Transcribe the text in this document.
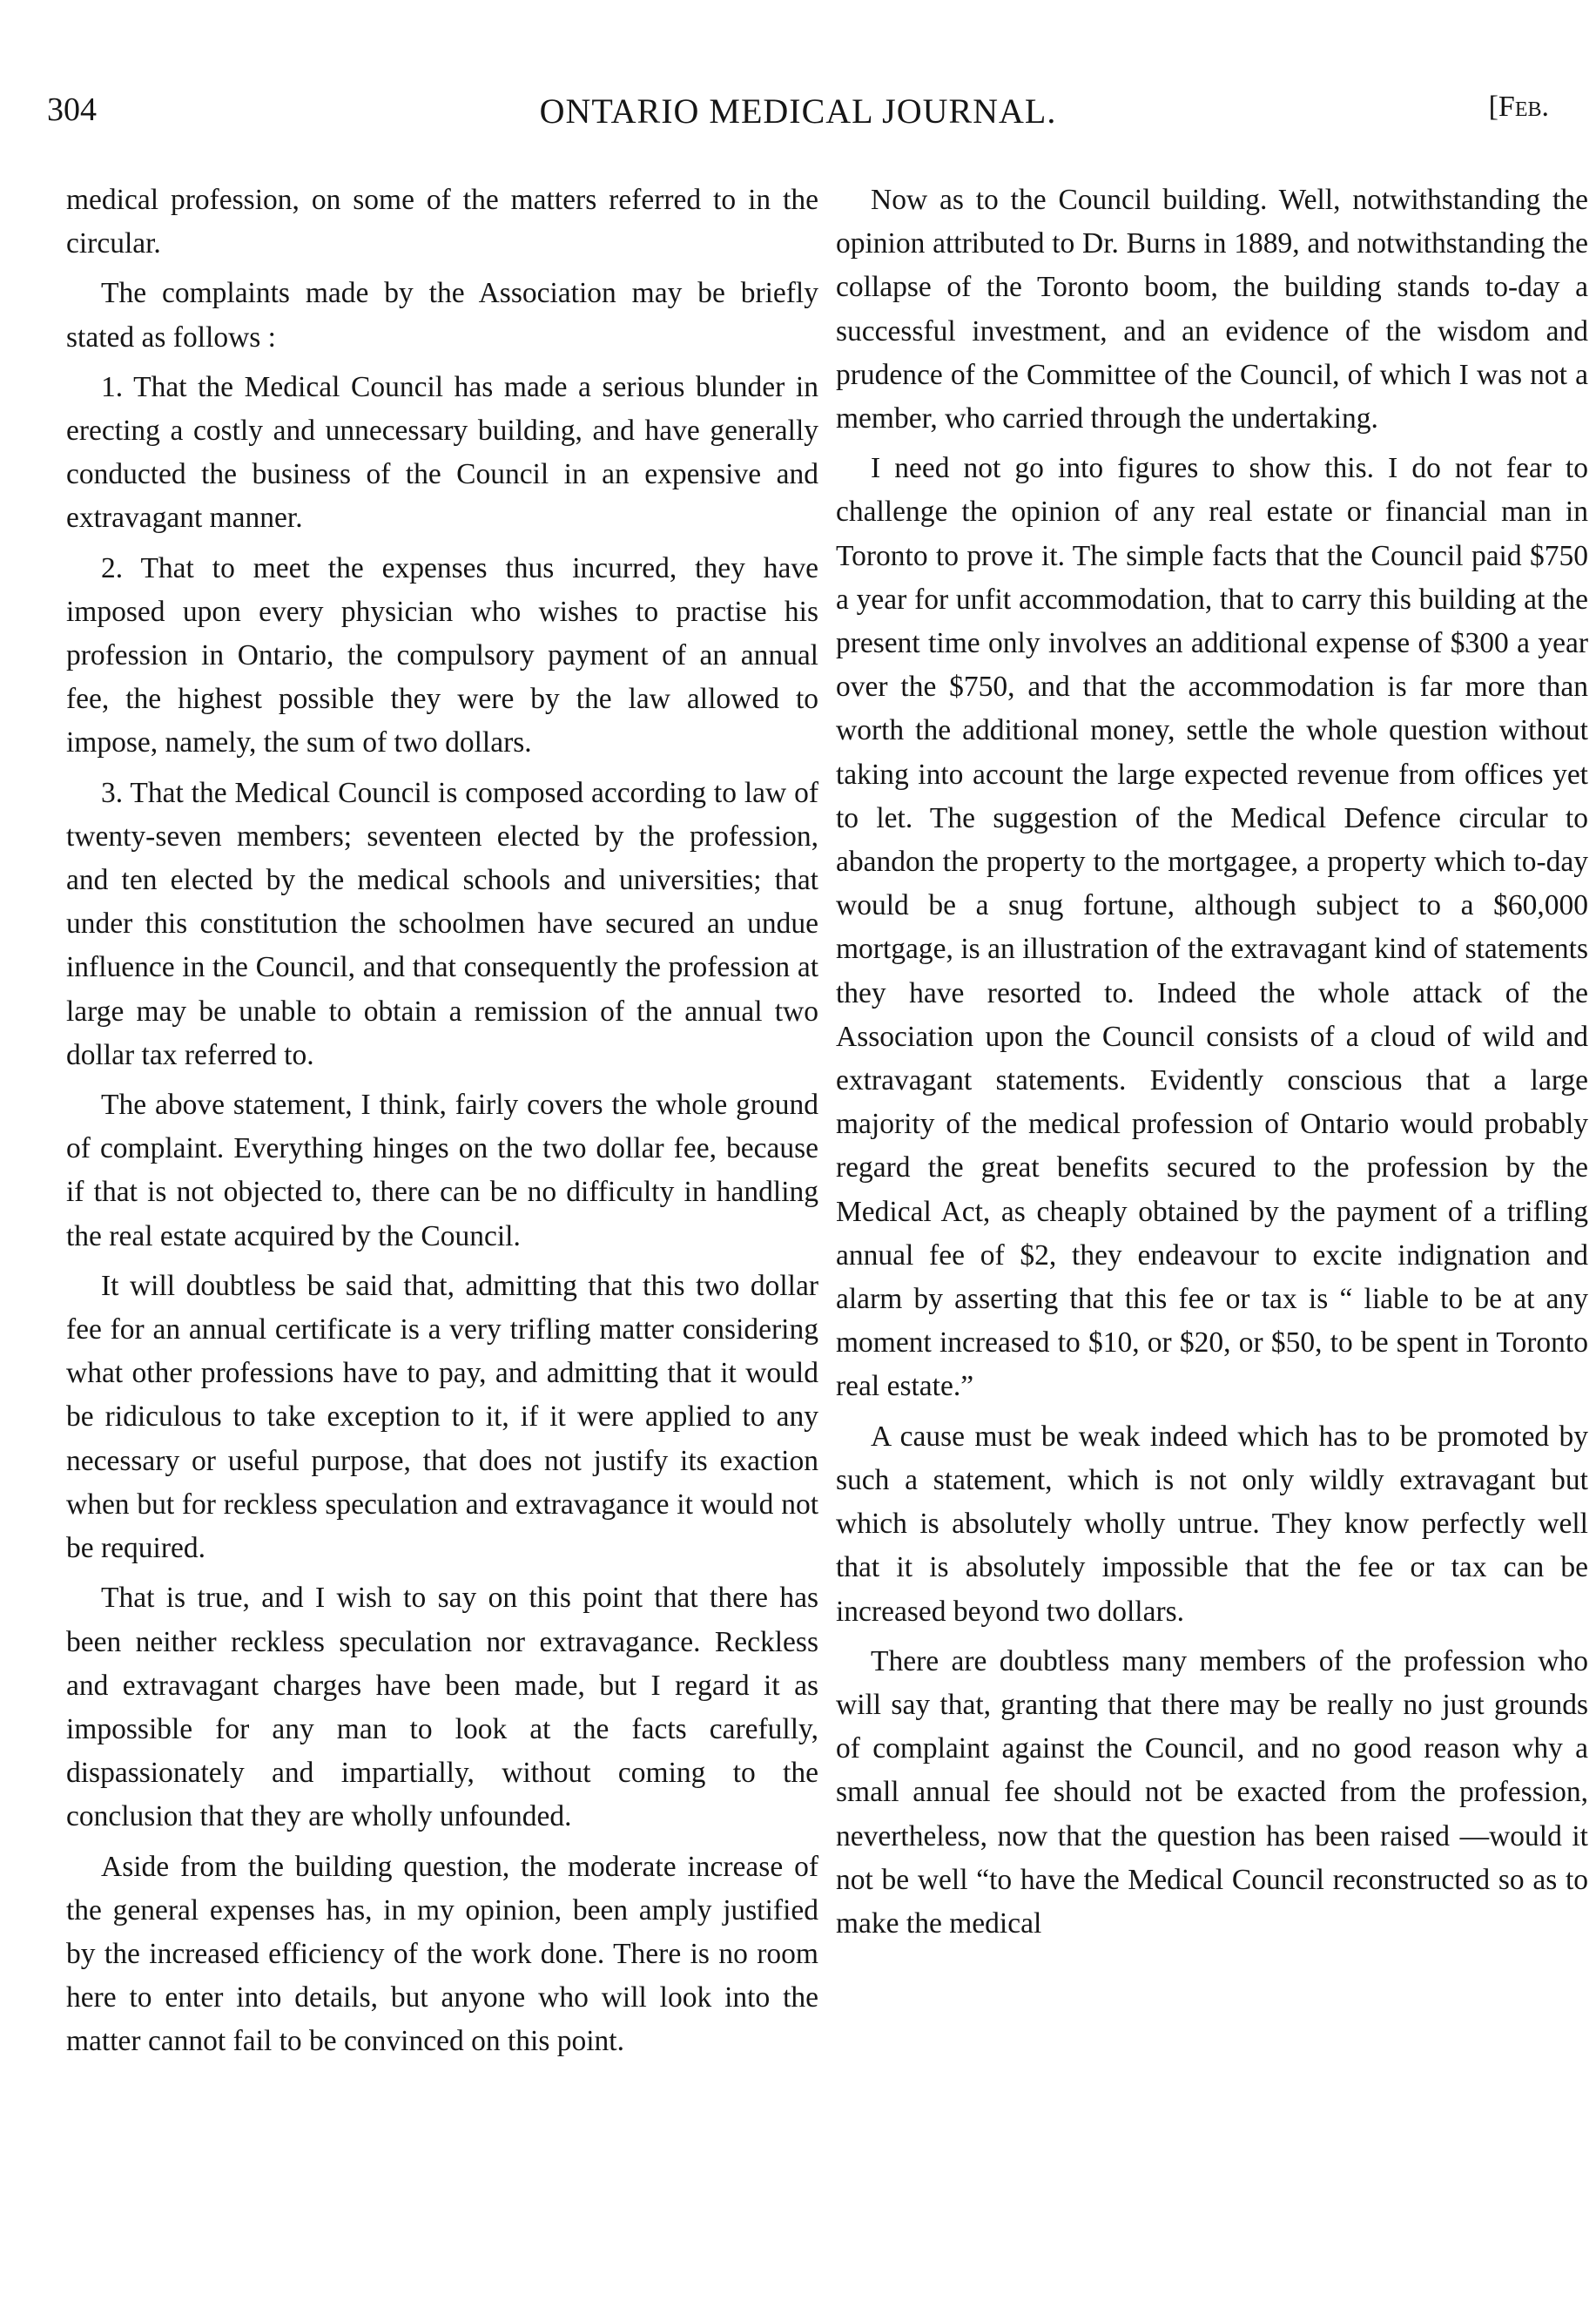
304	ONTARIO MEDICAL JOURNAL.	[Feb.

medical profession, on some of the matters referred to in the circular.

The complaints made by the Association may be briefly stated as follows :

1. That the Medical Council has made a serious blunder in erecting a costly and unnecessary building, and have generally conducted the business of the Council in an expensive and extravagant manner.

2. That to meet the expenses thus incurred, they have imposed upon every physician who wishes to practise his profession in Ontario, the compulsory payment of an annual fee, the highest possible they were by the law allowed to impose, namely, the sum of two dollars.

3. That the Medical Council is composed according to law of twenty-seven members; seventeen elected by the profession, and ten elected by the medical schools and universities; that under this constitution the schoolmen have secured an undue influence in the Council, and that consequently the profession at large may be unable to obtain a remission of the annual two dollar tax referred to.

The above statement, I think, fairly covers the whole ground of complaint. Everything hinges on the two dollar fee, because if that is not objected to, there can be no difficulty in handling the real estate acquired by the Council.

It will doubtless be said that, admitting that this two dollar fee for an annual certificate is a very trifling matter considering what other professions have to pay, and admitting that it would be ridiculous to take exception to it, if it were applied to any necessary or useful purpose, that does not justify its exaction when but for reckless speculation and extravagance it would not be required.

That is true, and I wish to say on this point that there has been neither reckless speculation nor extravagance. Reckless and extravagant charges have been made, but I regard it as impossible for any man to look at the facts carefully, dispassionately and impartially, without coming to the conclusion that they are wholly unfounded.

Aside from the building question, the moderate increase of the general expenses has, in my opinion, been amply justified by the increased efficiency of the work done. There is no room here to enter into details, but anyone who will look into the matter cannot fail to be convinced on this point.

Now as to the Council building. Well, notwithstanding the opinion attributed to Dr. Burns in 1889, and notwithstanding the collapse of the Toronto boom, the building stands to-day a successful investment, and an evidence of the wisdom and prudence of the Committee of the Council, of which I was not a member, who carried through the undertaking.

I need not go into figures to show this. I do not fear to challenge the opinion of any real estate or financial man in Toronto to prove it. The simple facts that the Council paid $750 a year for unfit accommodation, that to carry this building at the present time only involves an additional expense of $300 a year over the $750, and that the accommodation is far more than worth the additional money, settle the whole question without taking into account the large expected revenue from offices yet to let. The suggestion of the Medical Defence circular to abandon the property to the mortgagee, a property which to-day would be a snug fortune, although subject to a $60,000 mortgage, is an illustration of the extravagant kind of statements they have resorted to. Indeed the whole attack of the Association upon the Council consists of a cloud of wild and extravagant statements. Evidently conscious that a large majority of the medical profession of Ontario would probably regard the great benefits secured to the profession by the Medical Act, as cheaply obtained by the payment of a trifling annual fee of $2, they endeavour to excite indignation and alarm by asserting that this fee or tax is “ liable to be at any moment increased to $10, or $20, or $50, to be spent in Toronto real estate.”

A cause must be weak indeed which has to be promoted by such a statement, which is not only wildly extravagant but which is absolutely wholly untrue. They know perfectly well that it is absolutely impossible that the fee or tax can be increased beyond two dollars.

There are doubtless many members of the profession who will say that, granting that there may be really no just grounds of complaint against the Council, and no good reason why a small annual fee should not be exacted from the profession, nevertheless, now that the question has been raised —would it not be well “to have the Medical Council reconstructed so as to make the medical
